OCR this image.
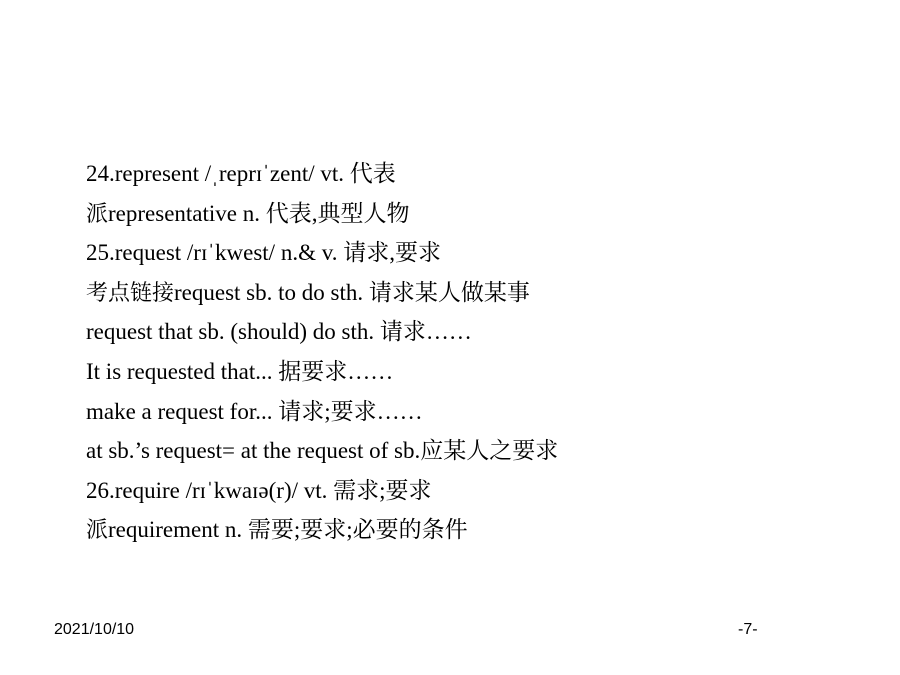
24.represent /ˌreprɪˈzent/ vt. 代表
派representative n. 代表,典型人物
25.request /rɪˈkwest/ n.& v. 请求,要求
考点链接request sb. to do sth. 请求某人做某事
request that sb. (should) do sth. 请求……
It is requested that... 据要求……
make a request for... 请求;要求……
at sb.’s request= at the request of sb.应某人之要求
26.require /rɪˈkwaɪə(r)/ vt. 需求;要求
派requirement n. 需要;要求;必要的条件
2021/10/10	-7-
